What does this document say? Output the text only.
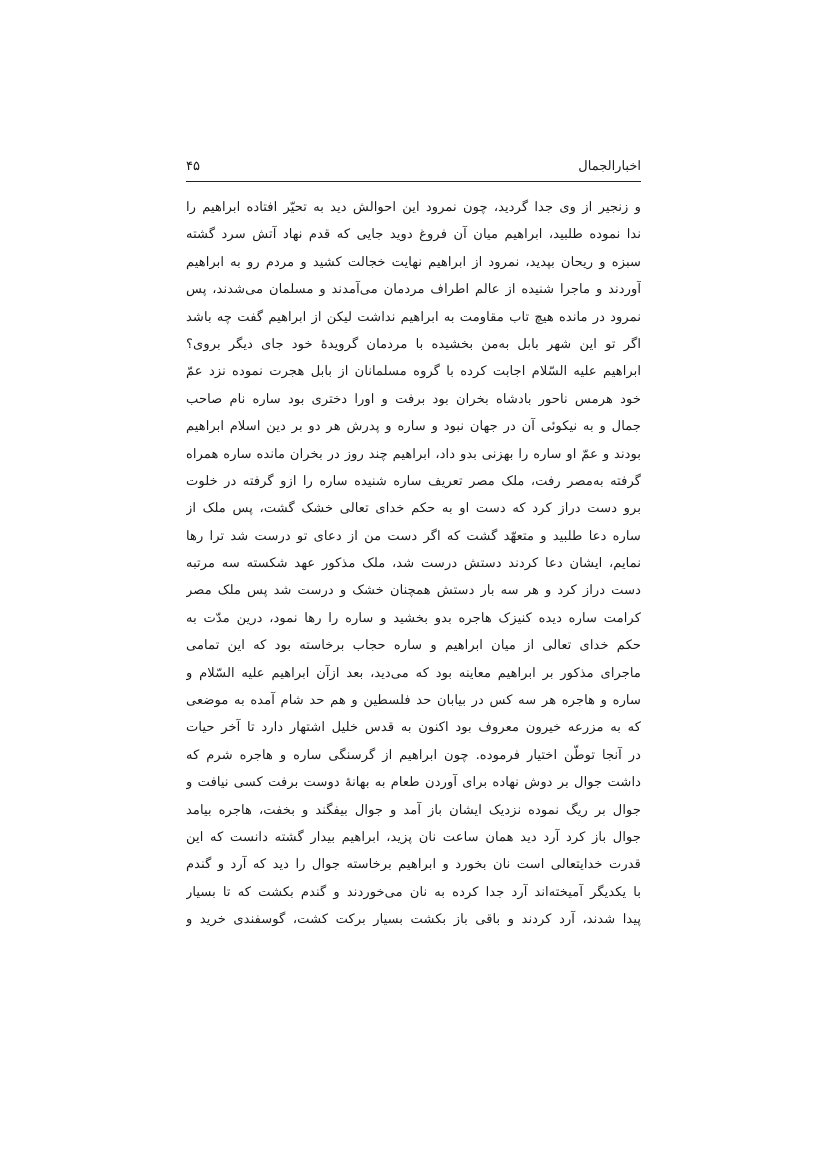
اخبارالجمال
۴۵
و زنجیر از وی جدا گردید، چون نمرود این احوالش دید به تحیّر افتاده ابراهیم را
ندا نموده طلبید، ابراهیم میان آن فروغ دوید جایی که قدم نهاد آتش سرد گشته
سبزه و ریحان بپدید، نمرود از ابراهیم نهایت خجالت کشید و مردم رو به ابراهیم
آوردند و ماجرا شنیده از عالم اطراف مردمان می‌آمدند و مسلمان می‌شدند، پس
نمرود در مانده هیچ تاب مقاومت به ابراهیم نداشت لیکن از ابراهیم گفت چه باشد
اگر تو این شهر بابل به‌من بخشیده با مردمان گرویدهٔ خود جای دیگر بروی؟
ابراهیم علیه السّلام اجابت کرده با گروه مسلمانان از بابل هجرت نموده نزد عمّ
خود هرمس ناحور بادشاه بخران بود برفت و اورا دختری بود ساره نام صاحب
جمال و به نیکوئی آن در جهان نبود و ساره و پدرش هر دو بر دین اسلام ابراهیم
بودند و عمّ او ساره را بهزنی بدو داد، ابراهیم چند روز در بخران مانده ساره همراه
گرفته به‌مصر رفت، ملک مصر تعریف ساره شنیده ساره را ازو گرفته در خلوت
برو دست دراز کرد که دست او به حکم خدای تعالی خشک گشت، پس ملک از
ساره دعا طلبید و متعهّد گشت که اگر دست من از دعای تو درست شد ترا رها
نمایم، ایشان دعا کردند دستش درست شد، ملک مذکور عهد شکسته سه مرتبه
دست دراز کرد و هر سه بار دستش همچنان خشک و درست شد پس ملک مصر
کرامت ساره دیده کنیزک هاجره بدو بخشید و ساره را رها نمود، درین مدّت به
حکم خدای تعالی از میان ابراهیم و ساره حجاب برخاسته بود که این تمامی
ماجرای مذکور بر ابراهیم معاینه بود که می‌دید، بعد ازآن ابراهیم علیه السّلام و
ساره و هاجره هر سه کس در بیابان حد فلسطین و هم حد شام آمده به موضعی
که به مزرعه خیرون معروف بود اکنون به قدس خلیل اشتهار دارد تا آخر حیات
در آنجا توطّن اختیار فرموده. چون ابراهیم از گرسنگی ساره و هاجره شرم که
داشت جوال بر دوش نهاده برای آوردن طعام به بهانهٔ دوست برفت کسی نیافت و
جوال بر ریگ نموده نزدیک ایشان باز آمد و جوال بیفگند و بخفت، هاجره بیامد
جوال باز کرد آرد دید همان ساعت نان پزید، ابراهیم بیدار گشته دانست که این
قدرت خدایتعالی است نان بخورد و ابراهیم برخاسته جوال را دید که آرد و گندم
با یکدیگر آمیخته‌اند آرد جدا کرده به نان می‌خوردند و گندم بکشت که تا بسیار
پیدا شدند، آرد کردند و باقی باز بکشت بسیار برکت کشت، گوسفندی خرید و
